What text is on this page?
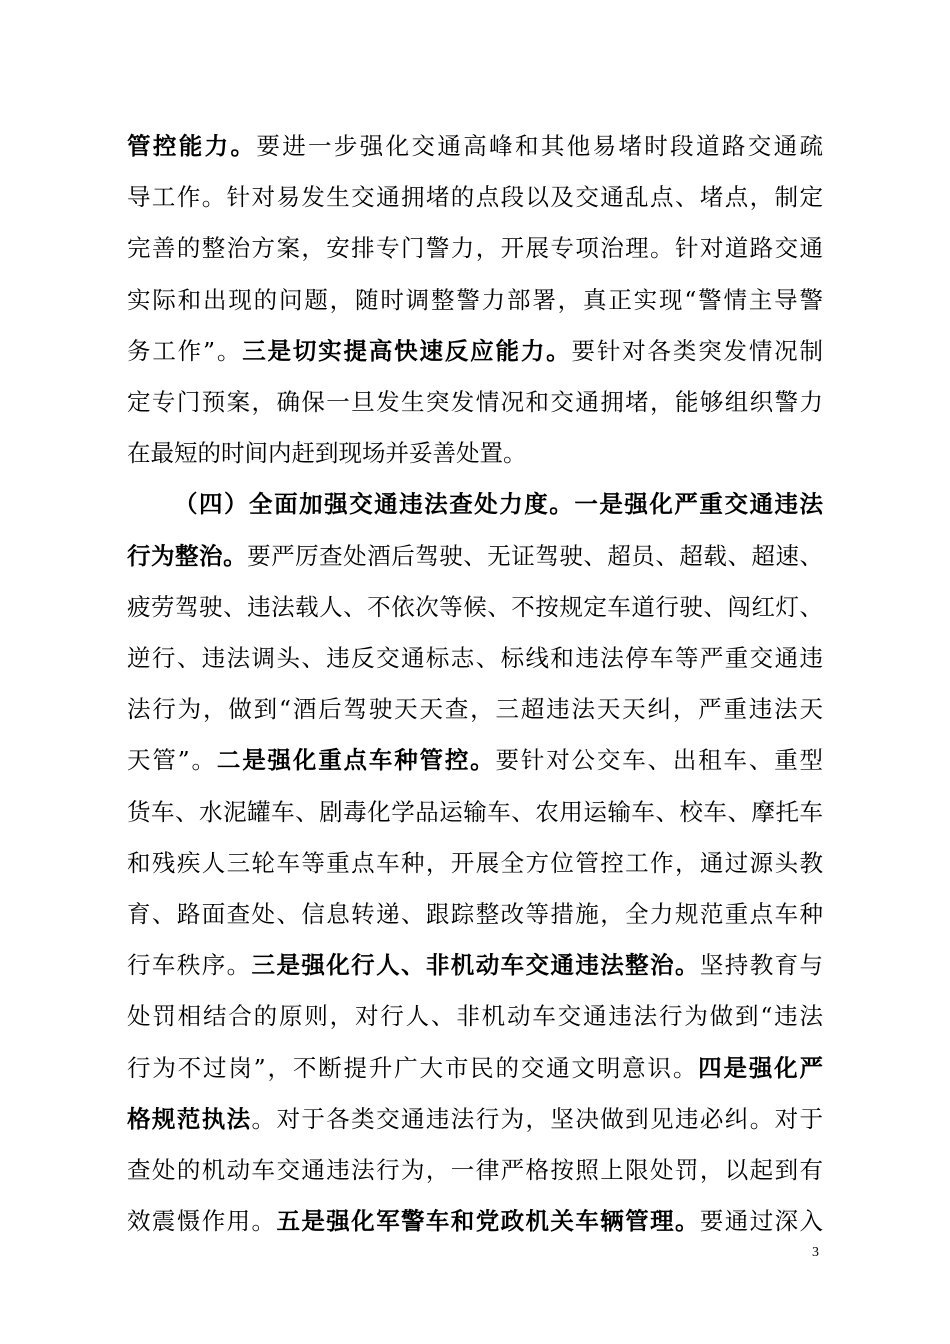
管控能力。要进一步强化交通高峰和其他易堵时段道路交通疏
导工作。针对易发生交通拥堵的点段以及交通乱点、堵点，制定
完善的整治方案，安排专门警力，开展专项治理。针对道路交通
实际和出现的问题，随时调整警力部署，真正实现“警情主导警
务工作”。三是切实提高快速反应能力。要针对各类突发情况制
定专门预案，确保一旦发生突发情况和交通拥堵，能够组织警力
在最短的时间内赶到现场并妥善处置。
（四）全面加强交通违法查处力度。一是强化严重交通违法
行为整治。要严厉查处酒后驾驶、无证驾驶、超员、超载、超速、
疲劳驾驶、违法载人、不依次等候、不按规定车道行驶、闯红灯、
逆行、违法调头、违反交通标志、标线和违法停车等严重交通违
法行为，做到“酒后驾驶天天查，三超违法天天纠，严重违法天
天管”。二是强化重点车种管控。要针对公交车、出租车、重型
货车、水泥罐车、剧毒化学品运输车、农用运输车、校车、摩托车
和残疾人三轮车等重点车种，开展全方位管控工作，通过源头教
育、路面查处、信息转递、跟踪整改等措施，全力规范重点车种
行车秩序。三是强化行人、非机动车交通违法整治。坚持教育与
处罚相结合的原则，对行人、非机动车交通违法行为做到“违法
行为不过岗”，不断提升广大市民的交通文明意识。四是强化严
格规范执法。对于各类交通违法行为，坚决做到见违必纠。对于
查处的机动车交通违法行为，一律严格按照上限处罚，以起到有
效震慑作用。五是强化军警车和党政机关车辆管理。要通过深入
3
